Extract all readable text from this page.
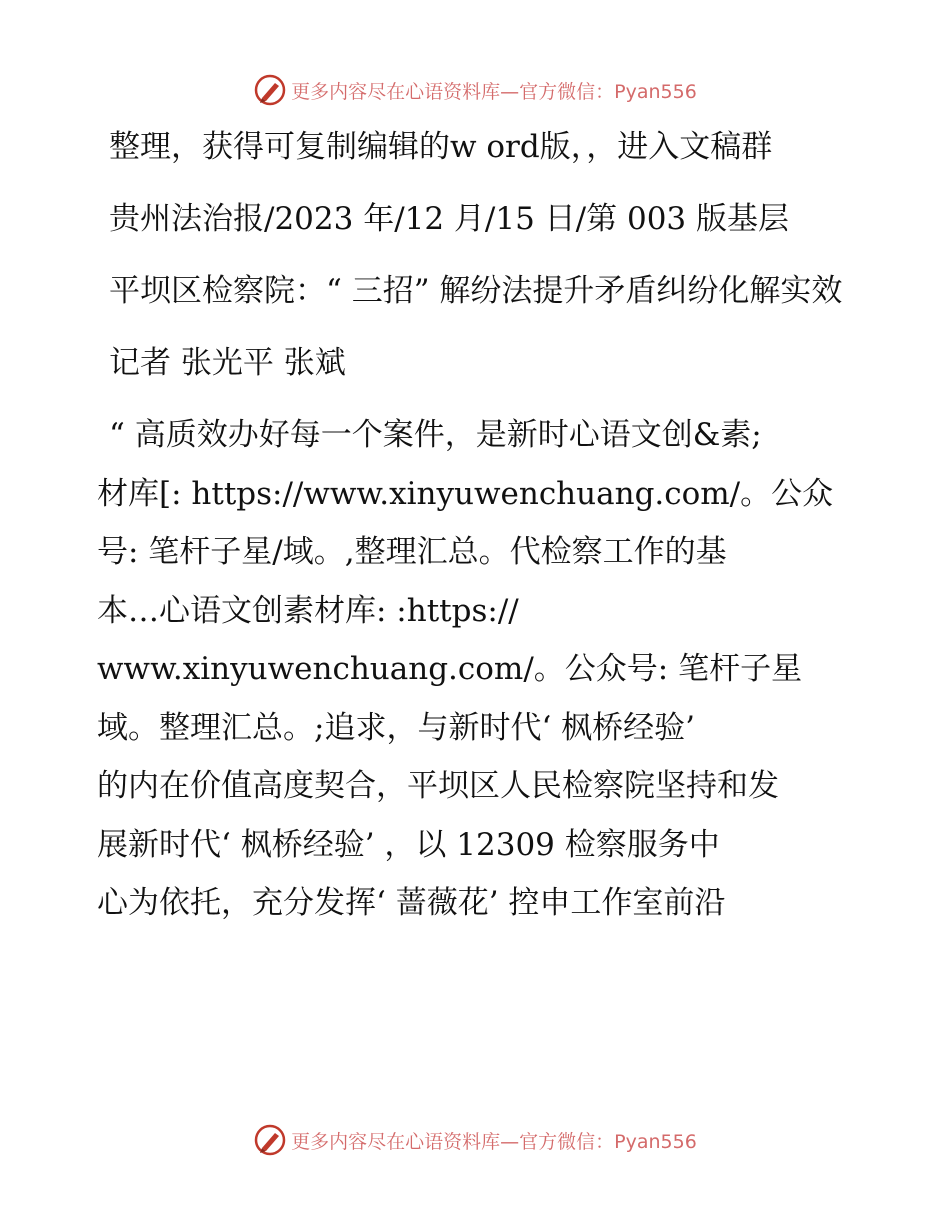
更多内容尽在心语资料库—官方微信：Pyan556

整理，获得可复制编辑的w ord版，，进入文稿群

贵州法治报/2023 年/12 月/15 日/第 003 版基层

平坝区检察院：“ 三招” 解纷法提升矛盾纠纷化解实效

记者 张光平 张斌

“ 高质效办好每一个案件，是新时心语文创&素;

材库[: https://www.xinyuwenchuang.com/。公众

号: 笔杆子星/域。,整理汇总。代检察工作的基

本…心语文创素材库: :https://

www.xinyuwenchuang.com/。公众号: 笔杆子星

域。整理汇总。;追求，与新时代‘ 枫桥经验’

的内在价值高度契合，平坝区人民检察院坚持和发

展新时代‘ 枫桥经验’ ，以 12309 检察服务中

心为依托，充分发挥‘ 蔷薇花’ 控申工作室前沿

更多内容尽在心语资料库—官方微信：Pyan556
